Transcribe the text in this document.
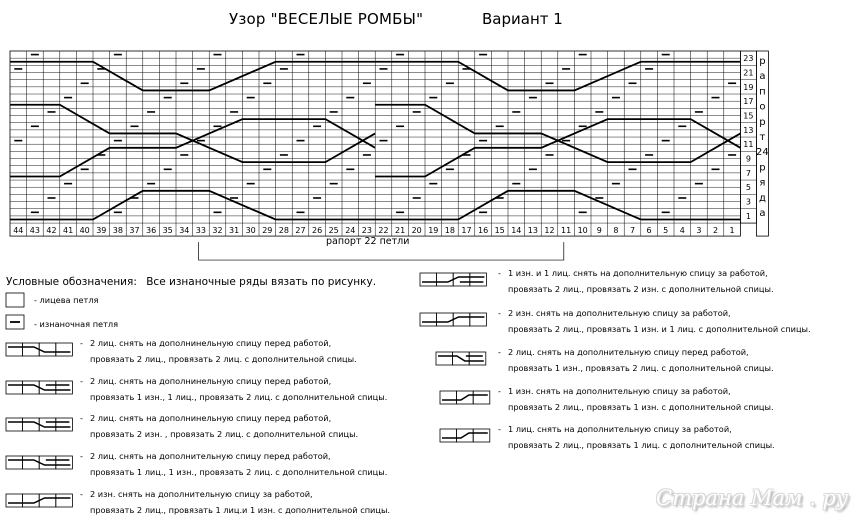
Узор "ВЕСЕЛЫЕ РОМБЫ"	Вариант 1
44 43 42 41 40 39 38 37 36 35 34 33 32 31 30 29 28 27 26 25 24 23 22 21 20 19 18 17 16 15 14 13 12 11 10 9 8 7 6 5 4 3 2 1
23
21
19
17
15
13
11
9
7
5
3
1
р
а
п
о
р
т
24
р
я
д
а
рапорт 22 петли
Условные обозначения: Все изнаночные ряды вязать по рисунку.
- лицева петля
- изнаночная петля
- 2 лиц. снять на дополнинельную спицу перед работой,
провязать 2 лиц., провязать 2 лиц. с дополнительной спицы.
- 2 лиц. снять на дополнинельную спицу перед работой,
провязать 1 изн., 1 лиц., провязать 2 лиц. с дополнительной спицы.
- 2 лиц. снять на дополнинельную спицу перед работой,
провязать 2 изн. , провязать 2 лиц. с дополнительной спицы.
- 2 лиц. снять на дополнительную спицу перед работой,
провязать 1 лиц., 1 изн., провязать 2 лиц. с дополнительной спицы.
- 2 изн. снять на дополнительную спицу за работой,
провязать 2 лиц., провязать 1 лиц.и 1 изн. с дополнительной спицы.
- 1 изн. и 1 лиц. снять на дополнительную спицу за работой,
провязать 2 лиц., провязать 2 изн. с дополнительной спицы.
- 2 изн. снять на дополнительную спицу за работой,
провязать 2 лиц., провязать 1 изн. и 1 лиц. с дополнительной спицы.
- 2 лиц. снять на дополнительную спицу перед работой,
провязать 1 изн., провязать 2 лиц. с дополнительной спицы.
- 1 изн. снять на дополнительную спицу за работой,
провязать 2 лиц., провязать 1 изн. с дополнительной спицы.
- 1 лиц. снять на дополнительную спицу за работой,
провязать 2 лиц., провязать 1 лиц. с дополнительной спицы.
Страна Мам . ру
